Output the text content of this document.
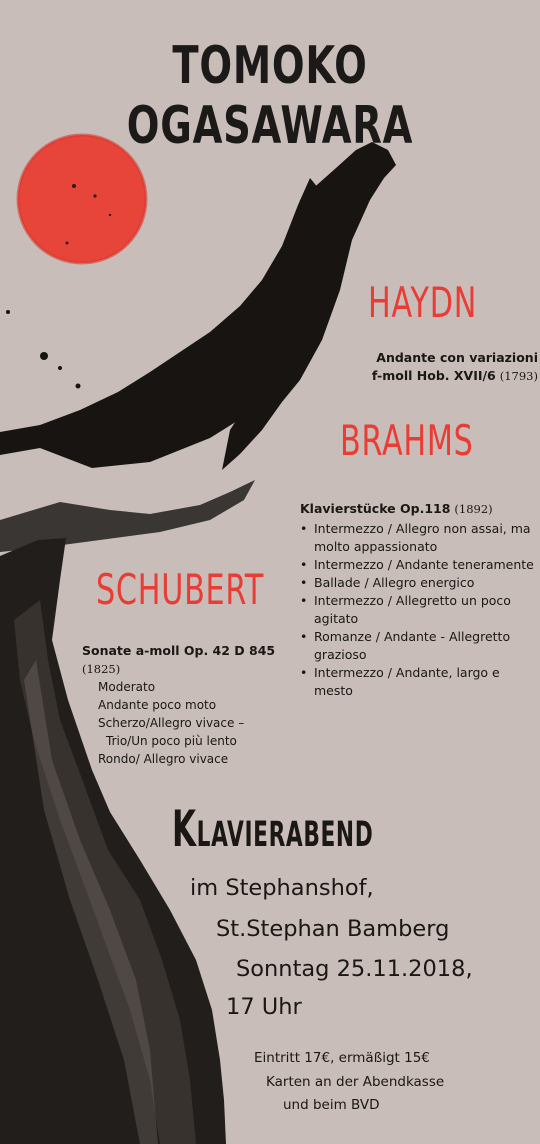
TOMOKO OGASAWARA
HAYDN

Andante con variazioni
f-moll Hob. XVII/6 (1793)

BRAHMS

Klavierstücke Op.118 (1892)

• Intermezzo / Allegro non assai, ma molto appassionato
• Intermezzo / Andante teneramente
• Ballade / Allegro energico
• Intermezzo / Allegretto un poco agitato
• Romanze / Andante - Allegretto grazioso
• Intermezzo / Andante, largo e mesto
SCHUBERT

Sonate a-moll Op. 42 D 845
(1825)

Moderato
Andante poco moto
Scherzo/Allegro vivace –
Trio/Un poco più lento
Rondo/ Allegro vivace
Klavierabend

im Stephanshof,

St.Stephan Bamberg

Sonntag 25.11.2018,

17 Uhr

Eintritt 17€, ermäßigt 15€

Karten an der Abendkasse

und beim BVD
